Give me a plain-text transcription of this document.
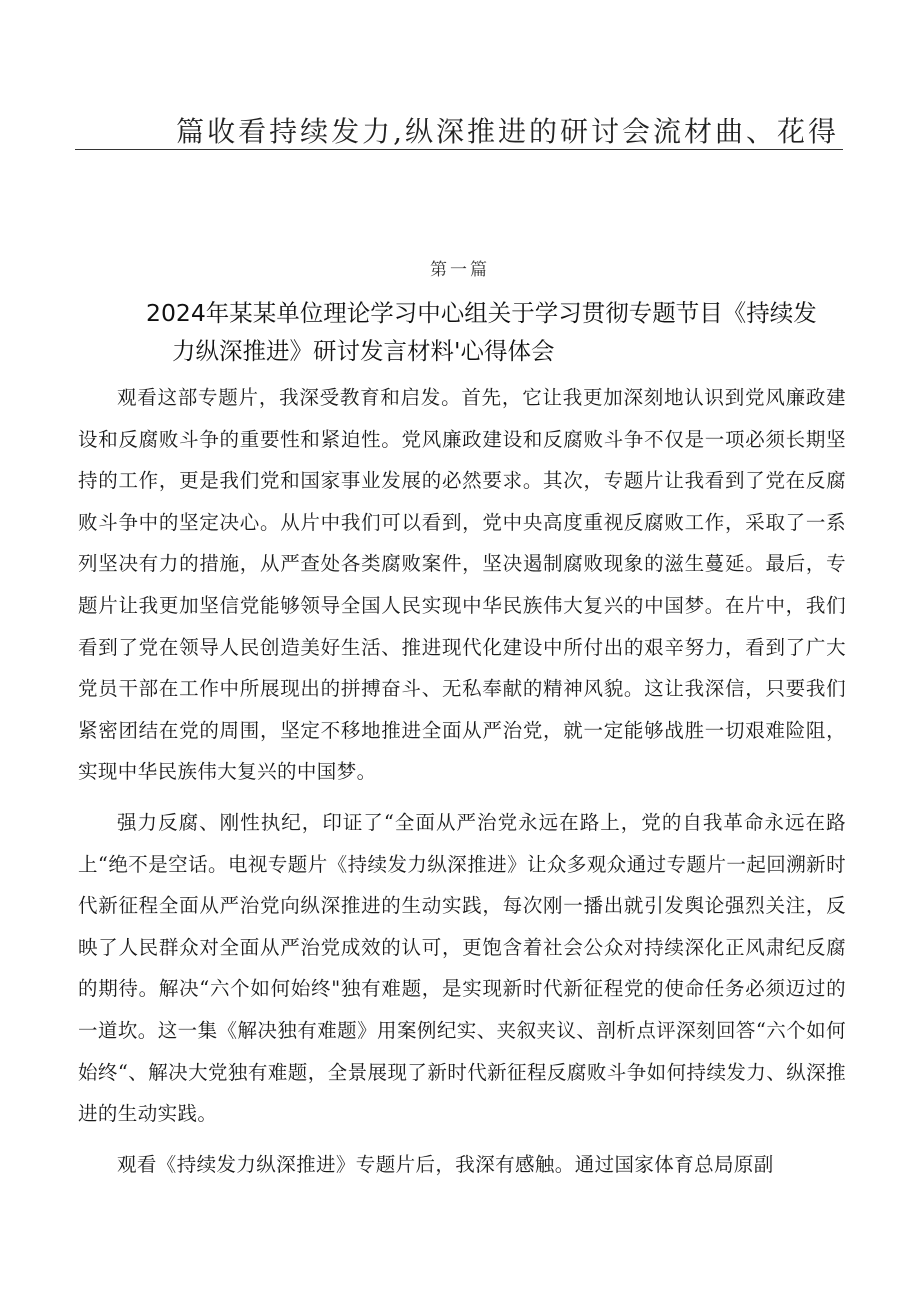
篇收看持续发力,纵深推进的研讨会流材曲、花得
第一篇
2024年某某单位理论学习中心组关于学习贯彻专题节目《持续发
力纵深推进》研讨发言材料'心得体会

观看这部专题片，我深受教育和启发。首先，它让我更加深刻地认识到党风廉政建设和反腐败斗争的重要性和紧迫性。党风廉政建设和反腐败斗争不仅是一项必须长期坚持的工作，更是我们党和国家事业发展的必然要求。其次，专题片让我看到了党在反腐败斗争中的坚定决心。从片中我们可以看到，党中央高度重视反腐败工作，采取了一系列坚决有力的措施，从严查处各类腐败案件，坚决遏制腐败现象的滋生蔓延。最后，专题片让我更加坚信党能够领导全国人民实现中华民族伟大复兴的中国梦。在片中，我们看到了党在领导人民创造美好生活、推进现代化建设中所付出的艰辛努力，看到了广大党员干部在工作中所展现出的拼搏奋斗、无私奉献的精神风貌。这让我深信，只要我们紧密团结在党的周围，坚定不移地推进全面从严治党，就一定能够战胜一切艰难险阻，实现中华民族伟大复兴的中国梦。

强力反腐、刚性执纪，印证了“全面从严治党永远在路上，党的自我革命永远在路上“绝不是空话。电视专题片《持续发力纵深推进》让众多观众通过专题片一起回溯新时代新征程全面从严治党向纵深推进的生动实践，每次刚一播出就引发舆论强烈关注，反映了人民群众对全面从严治党成效的认可，更饱含着社会公众对持续深化正风肃纪反腐的期待。解决“六个如何始终"独有难题，是实现新时代新征程党的使命任务必须迈过的一道坎。这一集《解决独有难题》用案例纪实、夹叙夹议、剖析点评深刻回答“六个如何始终“、解决大党独有难题，全景展现了新时代新征程反腐败斗争如何持续发力、纵深推进的生动实践。

观看《持续发力纵深推进》专题片后，我深有感触。通过国家体育总局原副
